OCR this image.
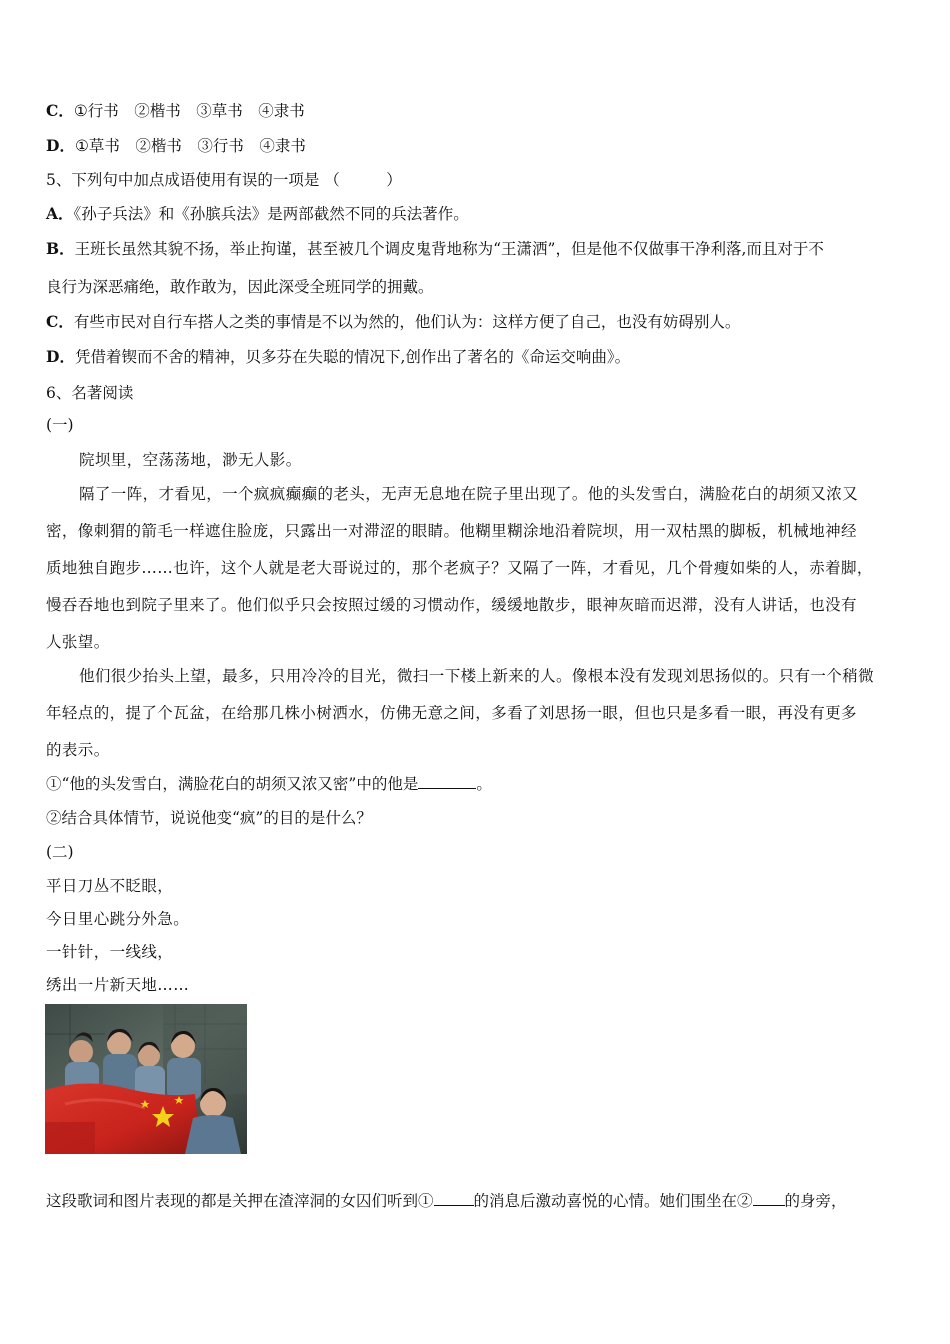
C．①行书　②楷书　③草书　④隶书
D．①草书　②楷书　③行书　④隶书
5、下列句中加点成语使用有误的一项是 （　　　）
A．《孙子兵法》和《孙膑兵法》是两部截然不同的兵法著作。
B．王班长虽然其貌不扬，举止拘谨，甚至被几个调皮鬼背地称为“王潇洒”，但是他不仅做事干净利落,而且对于不
良行为深恶痛绝，敢作敢为，因此深受全班同学的拥戴。
C．有些市民对自行车搭人之类的事情是不以为然的，他们认为：这样方便了自己，也没有妨碍别人。
D．凭借着锲而不舍的精神，贝多芬在失聪的情况下,创作出了著名的《命运交响曲》。
6、名著阅读
(一)
院坝里，空荡荡地，渺无人影。
隔了一阵，才看见，一个疯疯癫癫的老头，无声无息地在院子里出现了。他的头发雪白，满脸花白的胡须又浓又
密，像刺猬的箭毛一样遮住脸庞，只露出一对滞涩的眼睛。他糊里糊涂地沿着院坝，用一双枯黑的脚板，机械地神经
质地独自跑步……也许，这个人就是老大哥说过的，那个老疯子？又隔了一阵，才看见，几个骨瘦如柴的人，赤着脚，
慢吞吞地也到院子里来了。他们似乎只会按照过缓的习惯动作，缓缓地散步，眼神灰暗而迟滞，没有人讲话，也没有
人张望。
他们很少抬头上望，最多，只用冷冷的目光，微扫一下楼上新来的人。像根本没有发现刘思扬似的。只有一个稍微
年轻点的，提了个瓦盆，在给那几株小树洒水，仿佛无意之间，多看了刘思扬一眼，但也只是多看一眼，再没有更多
的表示。
①“他的头发雪白，满脸花白的胡须又浓又密”中的他是	。
②结合具体情节，说说他变“疯”的目的是什么？
(二)
平日刀丛不眨眼，
今日里心跳分外急。
一针针，一线线，
绣出一片新天地……
这段歌词和图片表现的都是关押在渣滓洞的女囚们听到①	的消息后激动喜悦的心情。她们围坐在② 的身旁，
